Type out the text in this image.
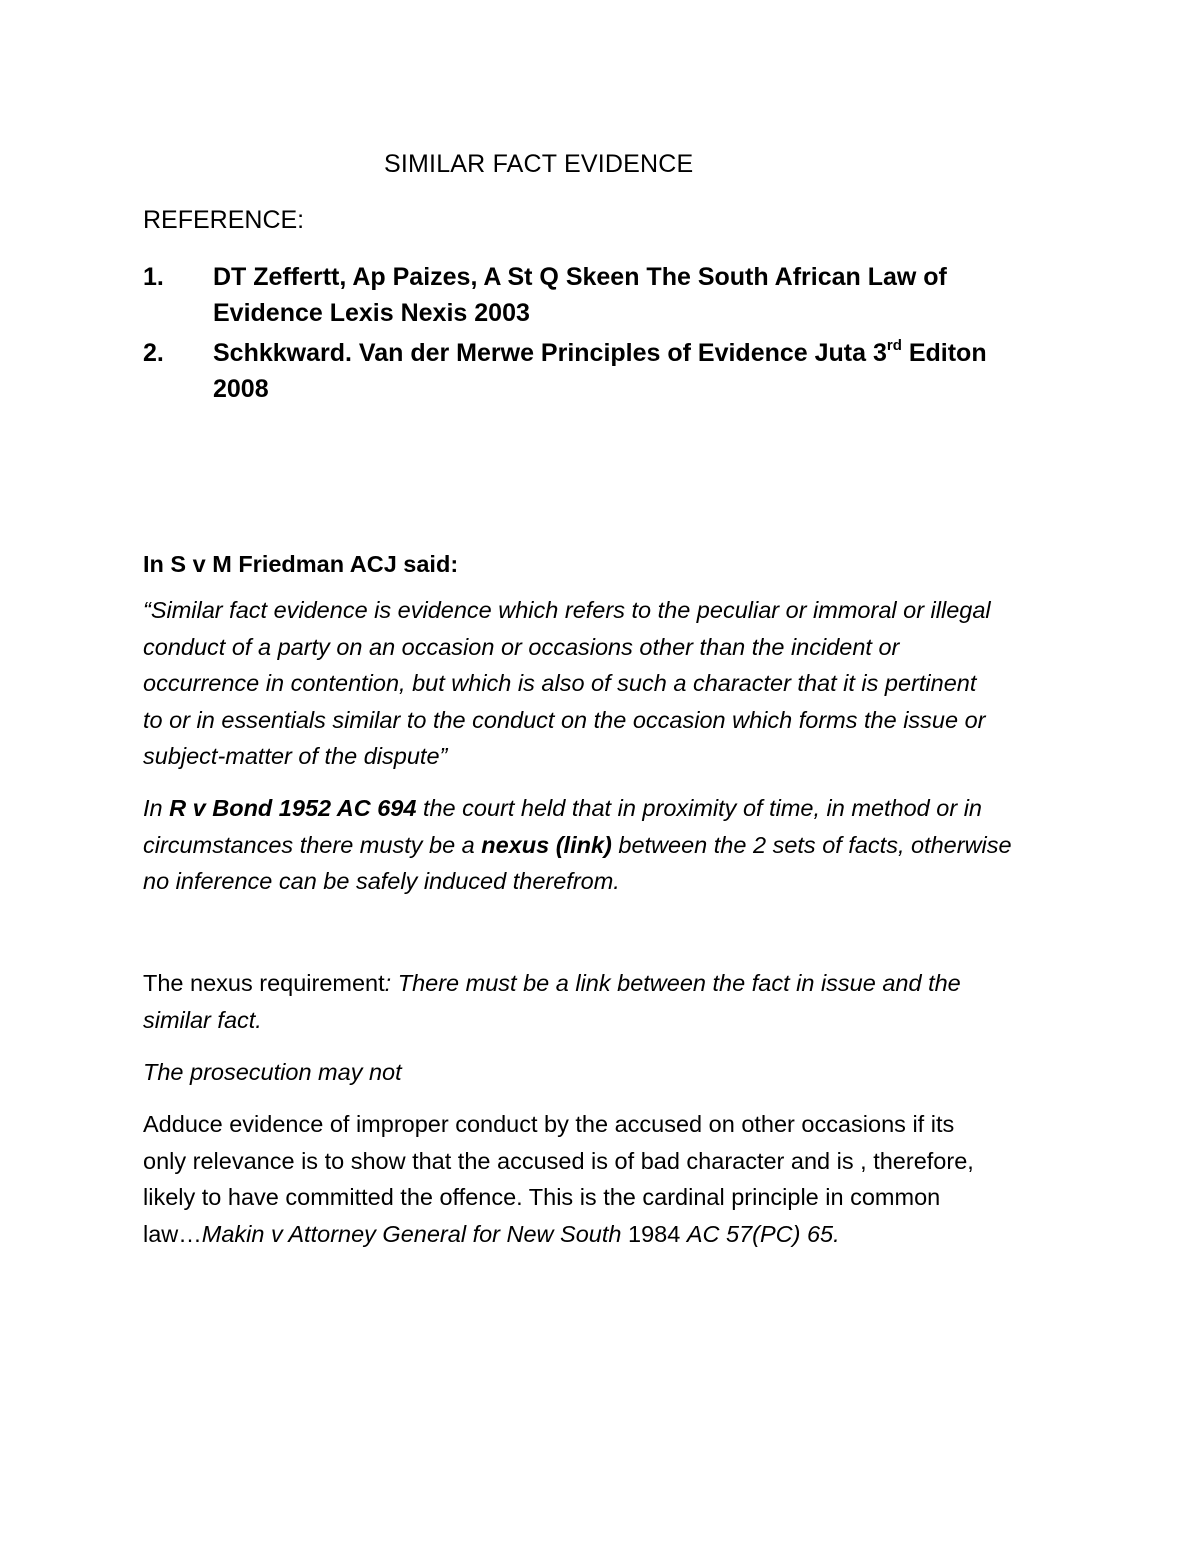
SIMILAR FACT EVIDENCE
REFERENCE:
1. DT Zeffertt, Ap Paizes, A St Q Skeen The South African Law of
Evidence Lexis Nexis 2003
2. Schkkward. Van der Merwe Principles of Evidence Juta 3rd Editon
2008
In S v M Friedman ACJ said:
“Similar fact evidence is evidence which refers to the peculiar or immoral or illegal
conduct of a party on an occasion or occasions other than the incident or
occurrence in contention, but which is also of such a character that it is pertinent
to or in essentials similar to the conduct on the occasion which forms the issue or
subject-matter of the dispute”
In R v Bond 1952 AC 694 the court held that in proximity of time, in method or in
circumstances there musty be a nexus (link) between the 2 sets of facts, otherwise
no inference can be safely induced therefrom.
The nexus requirement: There must be a link between the fact in issue and the
similar fact.
The prosecution may not
Adduce evidence of improper conduct by the accused on other occasions if its
only relevance is to show that the accused is of bad character and is , therefore,
likely to have committed the offence. This is the cardinal principle in common
law…Makin v Attorney General for New South 1984 AC 57(PC) 65.
